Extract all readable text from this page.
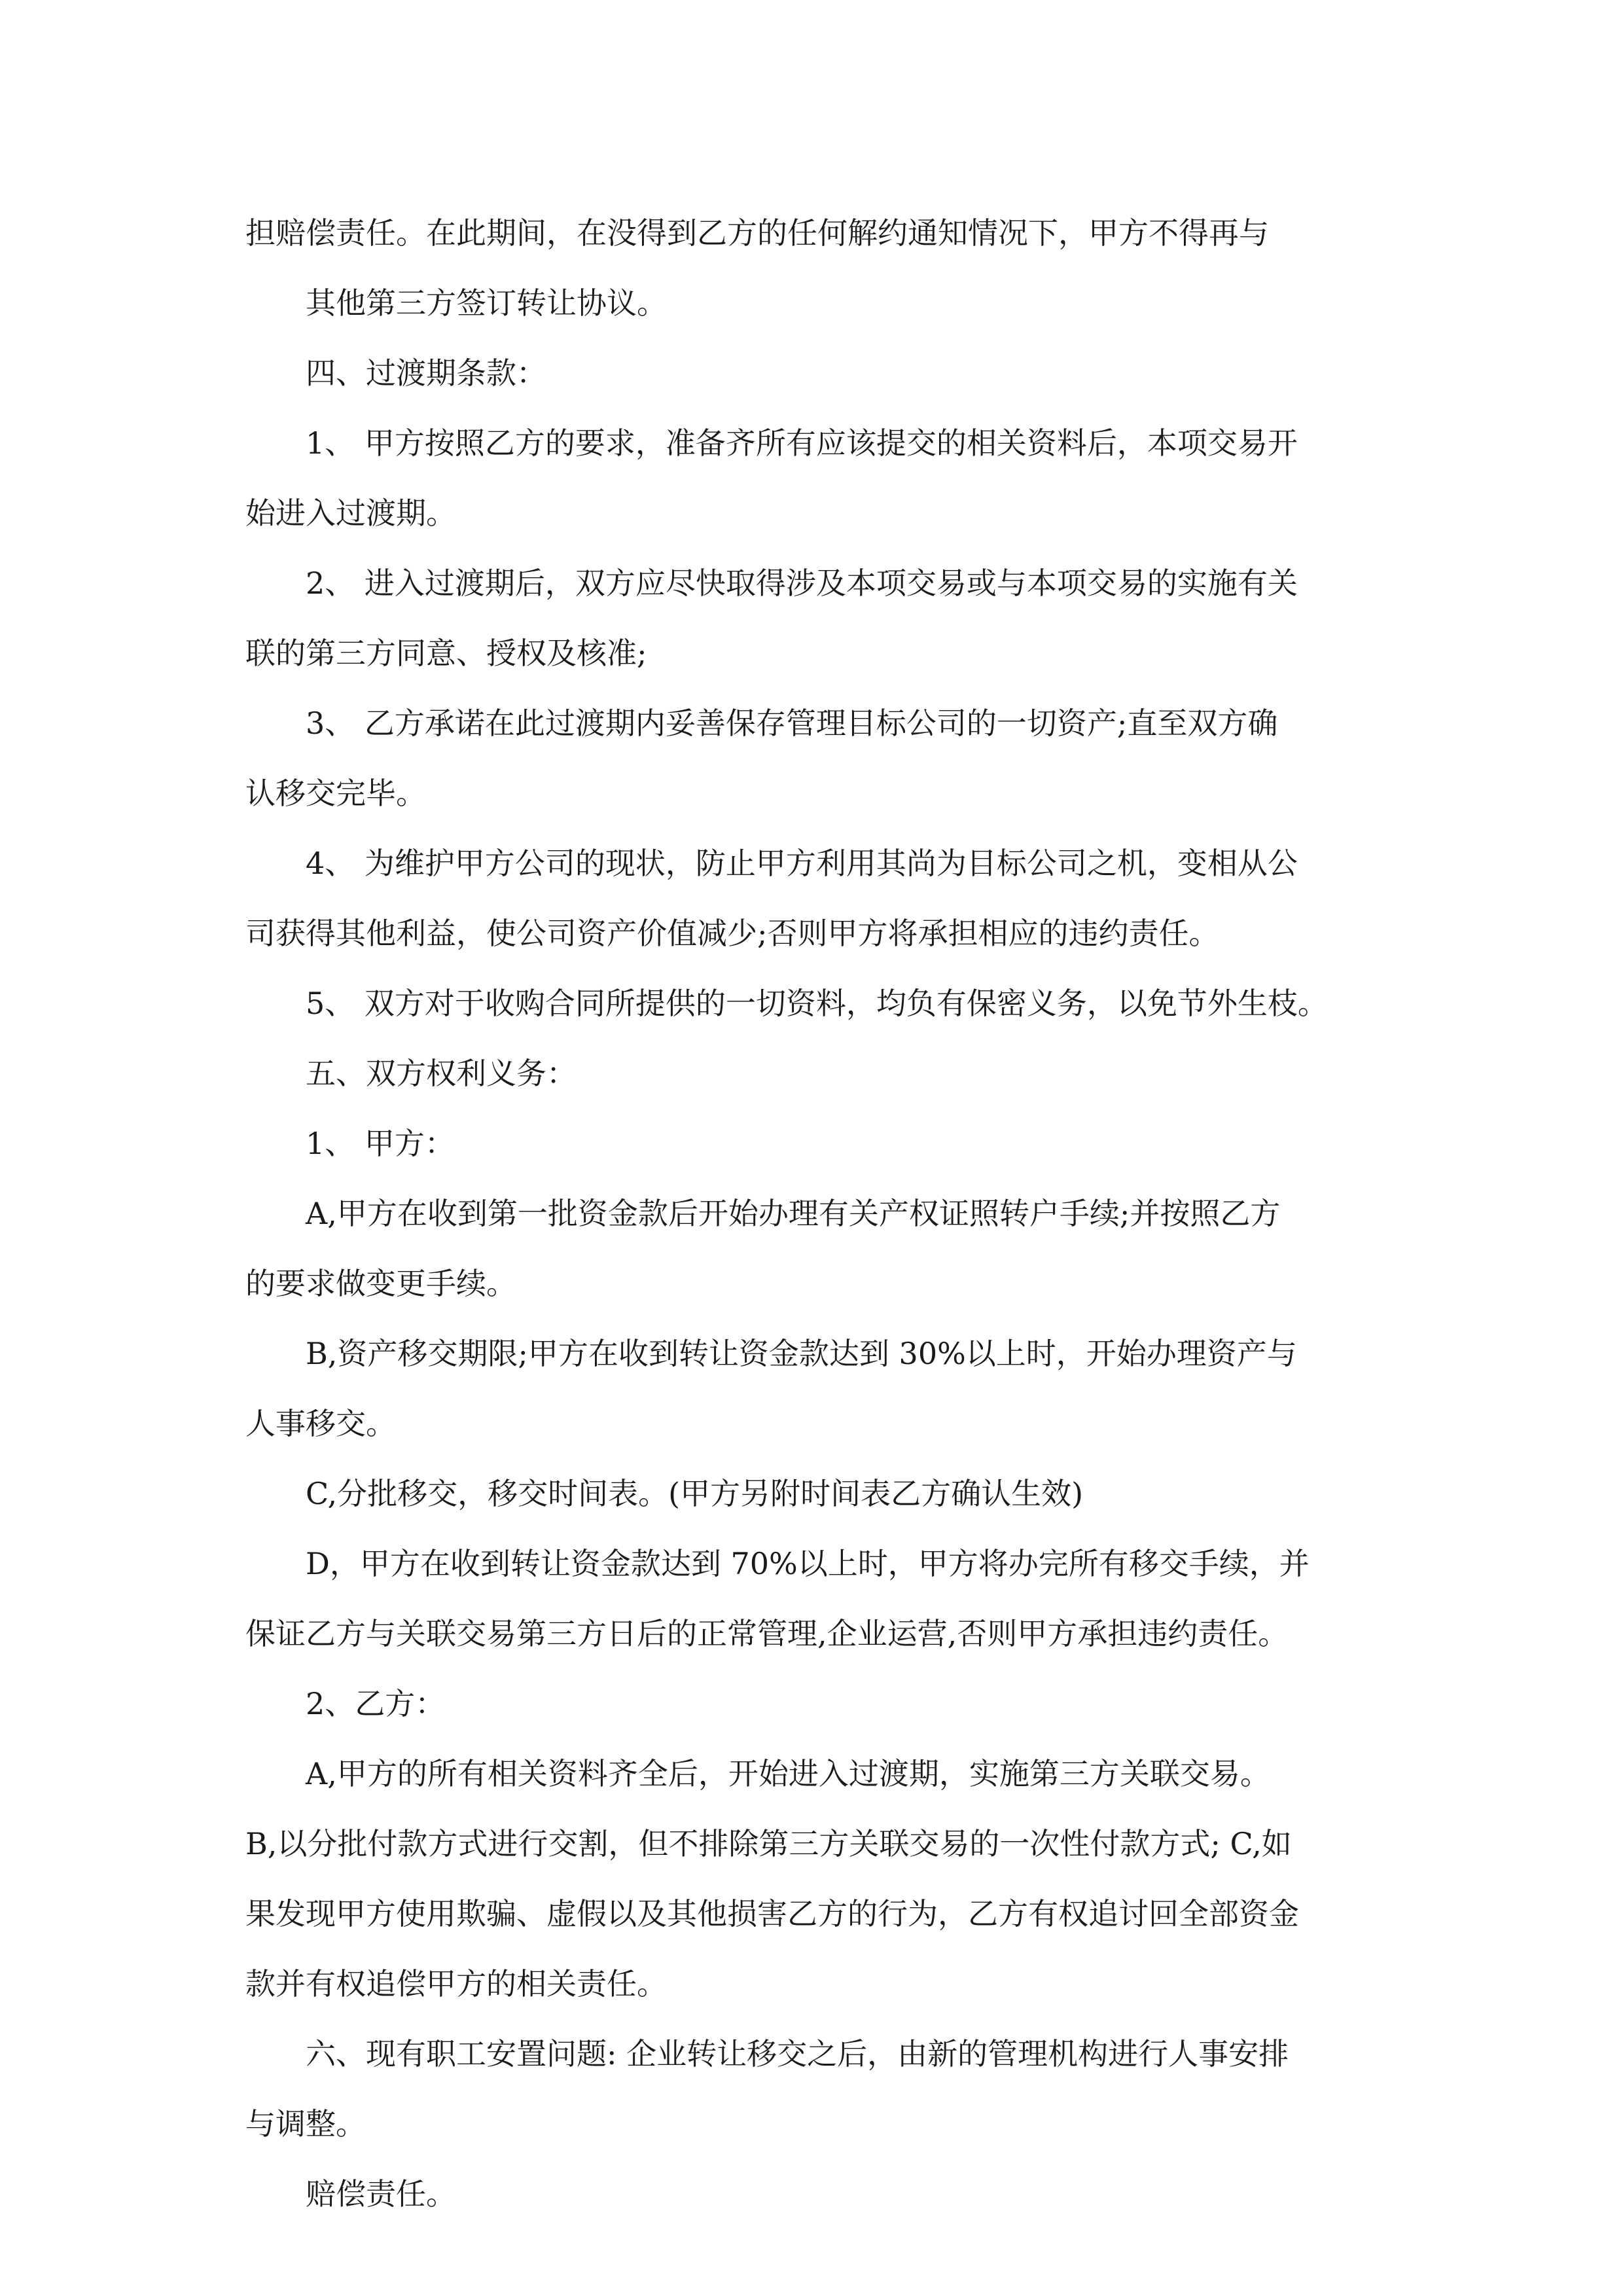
担赔偿责任。在此期间，在没得到乙方的任何解约通知情况下，甲方不得再与

其他第三方签订转让协议。

四、过渡期条款：

1、 甲方按照乙方的要求，准备齐所有应该提交的相关资料后，本项交易开

始进入过渡期。

2、 进入过渡期后，双方应尽快取得涉及本项交易或与本项交易的实施有关

联的第三方同意、授权及核准;

3、 乙方承诺在此过渡期内妥善保存管理目标公司的一切资产;直至双方确

认移交完毕。

4、 为维护甲方公司的现状，防止甲方利用其尚为目标公司之机，变相从公

司获得其他利益，使公司资产价值减少;否则甲方将承担相应的违约责任。

5、 双方对于收购合同所提供的一切资料，均负有保密义务，以免节外生枝。

五、双方权利义务：

1、 甲方：

A,甲方在收到第一批资金款后开始办理有关产权证照转户手续;并按照乙方

的要求做变更手续。

B,资产移交期限;甲方在收到转让资金款达到 30%以上时，开始办理资产与

人事移交。

C,分批移交，移交时间表。(甲方另附时间表乙方确认生效)

D，甲方在收到转让资金款达到 70%以上时，甲方将办完所有移交手续，并

保证乙方与关联交易第三方日后的正常管理,企业运营,否则甲方承担违约责任。

2、乙方：

A,甲方的所有相关资料齐全后，开始进入过渡期，实施第三方关联交易。

B,以分批付款方式进行交割，但不排除第三方关联交易的一次性付款方式; C,如

果发现甲方使用欺骗、虚假以及其他损害乙方的行为，乙方有权追讨回全部资金

款并有权追偿甲方的相关责任。

六、现有职工安置问题: 企业转让移交之后，由新的管理机构进行人事安排

与调整。

赔偿责任。
